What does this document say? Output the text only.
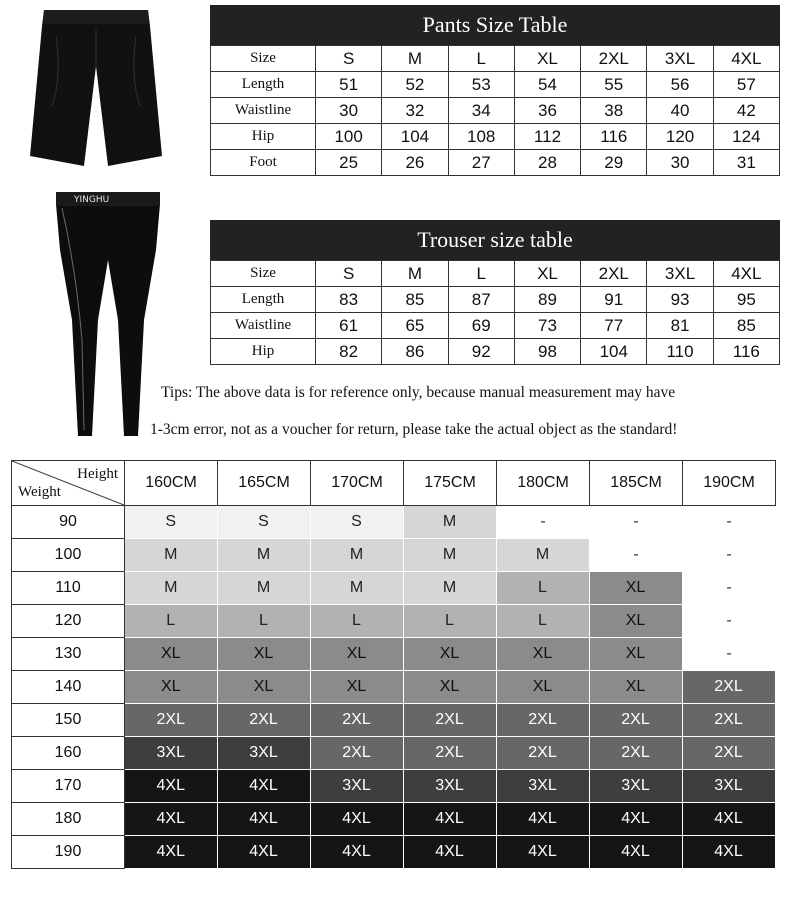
YINGHU
Pants Size Table
Size	S	M	L	XL	2XL	3XL	4XL
Length	51	52	53	54	55	56	57
Waistline	30	32	34	36	38	40	42
Hip	100	104	108	112	116	120	124
Foot	25	26	27	28	29	30	31
Trouser size table
Size	S	M	L	XL	2XL	3XL	4XL
Length	83	85	87	89	91	93	95
Waistline	61	65	69	73	77	81	85
Hip	82	86	92	98	104	110	116
Tips: The above data is for reference only, because manual measurement may have
1-3cm error, not as a voucher for return, please take the actual object as the standard!
Height
Weight	160CM	165CM	170CM	175CM	180CM	185CM	190CM
90	S	S	S	M	-	-	-

100	M	M	M	M	M	-	-

110	M	M	M	M	L	XL	-

120	L	L	L	L	L	XL	-

130	XL	XL	XL	XL	XL	XL	-

140	XL	XL	XL	XL	XL	XL	2XL

150	2XL	2XL	2XL	2XL	2XL	2XL	2XL

160	3XL	3XL	2XL	2XL	2XL	2XL	2XL

170	4XL	4XL	3XL	3XL	3XL	3XL	3XL

180	4XL	4XL	4XL	4XL	4XL	4XL	4XL

190	4XL	4XL	4XL	4XL	4XL	4XL	4XL
